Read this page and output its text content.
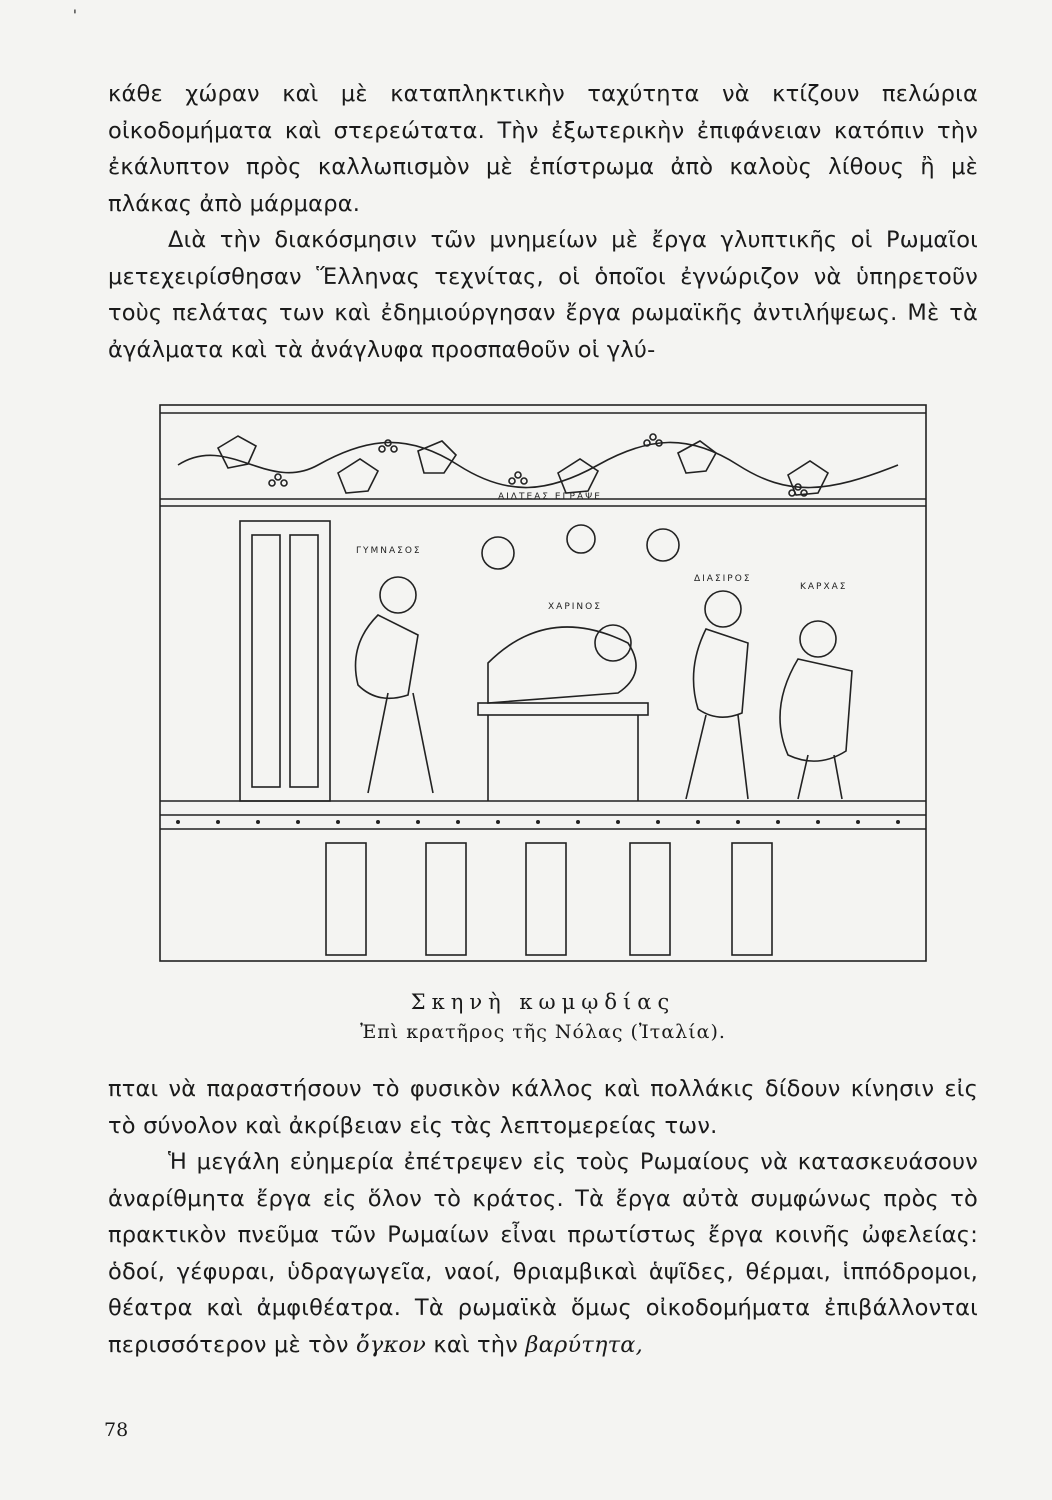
'

κάθε χώραν καὶ μὲ καταπληκτικὴν ταχύτητα νὰ κτίζουν πελώρια οἰκοδομήματα καὶ στερεώτατα. Τὴν ἐξωτερικὴν ἐπιφάνειαν κατόπιν τὴν ἐκάλυπτον πρὸς καλλωπισμὸν μὲ ἐπίστρωμα ἀπὸ καλοὺς λίθους ἢ μὲ πλάκας ἀπὸ μάρμαρα.

Διὰ τὴν διακόσμησιν τῶν μνημείων μὲ ἔργα γλυπτικῆς οἱ Ρωμαῖοι μετεχειρίσθησαν Ἕλληνας τεχνίτας, οἱ ὁποῖοι ἐγνώριζον νὰ ὑπηρετοῦν τοὺς πελάτας των καὶ ἐδημιούργησαν ἔργα ρωμαϊκῆς ἀντιλήψεως. Μὲ τὰ ἀγάλματα καὶ τὰ ἀνάγλυφα προσπαθοῦν οἱ γλύ-

ΑΙΛΤΕΑΣ ΕΓΡΑΨΕ
ΓΥΜΝΑΣΟΣ
ΧΑΡΙΝΟΣ
ΔΙΑΣΙΡΟΣ
ΚΑΡΧΑΣ
Σκηνὴ κωμῳδίας
Ἐπὶ κρατῆρος τῆς Νόλας (Ἰταλία).

πται νὰ παραστήσουν τὸ φυσικὸν κάλλος καὶ πολλάκις δίδουν κίνησιν εἰς τὸ σύνολον καὶ ἀκρίβειαν εἰς τὰς λεπτομερείας των.

Ἡ μεγάλη εὐημερία ἐπέτρεψεν εἰς τοὺς Ρωμαίους νὰ κατασκευάσουν ἀναρίθμητα ἔργα εἰς ὅλον τὸ κράτος. Τὰ ἔργα αὐτὰ συμφώνως πρὸς τὸ πρακτικὸν πνεῦμα τῶν Ρωμαίων εἶναι πρωτίστως ἔργα κοινῆς ὠφελείας: ὁδοί, γέφυραι, ὑδραγωγεῖα, ναοί, θριαμβικαὶ ἁψῖδες, θέρμαι, ἱππόδρομοι, θέατρα καὶ ἀμφιθέατρα. Τὰ ρωμαϊκὰ ὅμως οἰκοδομήματα ἐπιβάλλονται περισσότερον μὲ τὸν ὄγκον καὶ τὴν βαρύτητα,

78
